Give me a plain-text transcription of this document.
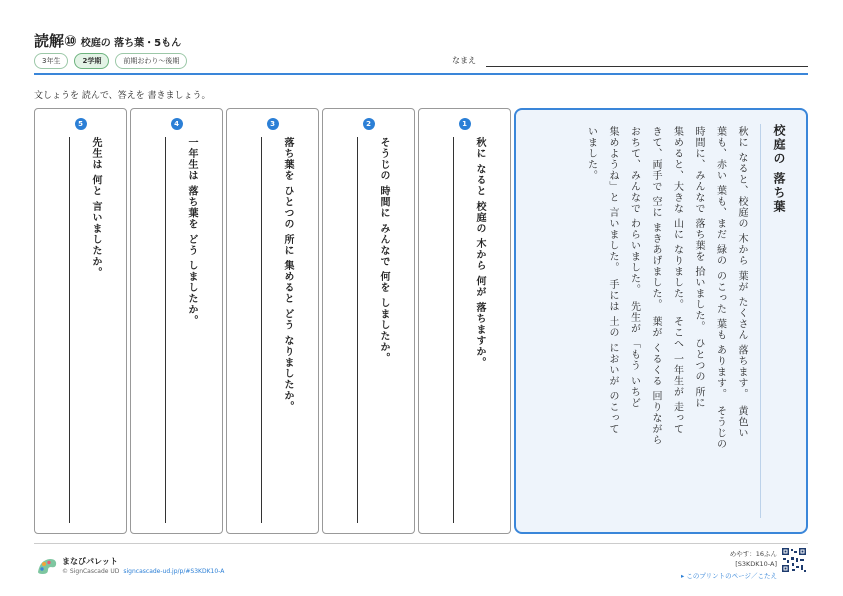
読解⑩ 校庭の 落ち葉・5もん
3年生	2学期	前期おわり〜後期	なまえ
文しょうを 読んで、答えを 書きましょう。
1
秋に なると 校庭の 木から 何が 落ちますか。
2
そうじの 時間に みんなで 何を しましたか。
3
落ち葉を ひとつの 所に 集めると どう なりましたか。
4
一年生は 落ち葉を どう しましたか。
5
先生は 何と 言いましたか。	校庭の 落ち葉
秋に なると、校庭の 木から 葉が たくさん 落ちます。　黄色い
葉も、赤い 葉も、まだ 緑の のこった 葉も あります。　そうじの
時間に、みんなで 落ち葉を 拾いました。　ひとつの 所に
集めると、大きな 山に なりました。　そこへ 一年生が 走って
きて、両手で 空に まきあげました。　葉が くるくる 回りながら
おちて、みんなで わらいました。　先生が 「もう いちど
集めようね」と 言いました。　手には 土の においが のこって
いました。
まなびパレット
© SignCascade UD signcascade-ud.jp/p/#S3KDK10-A
めやす：16ふん
[S3KDK10-A]
▸ このプリントのページ／こたえ
